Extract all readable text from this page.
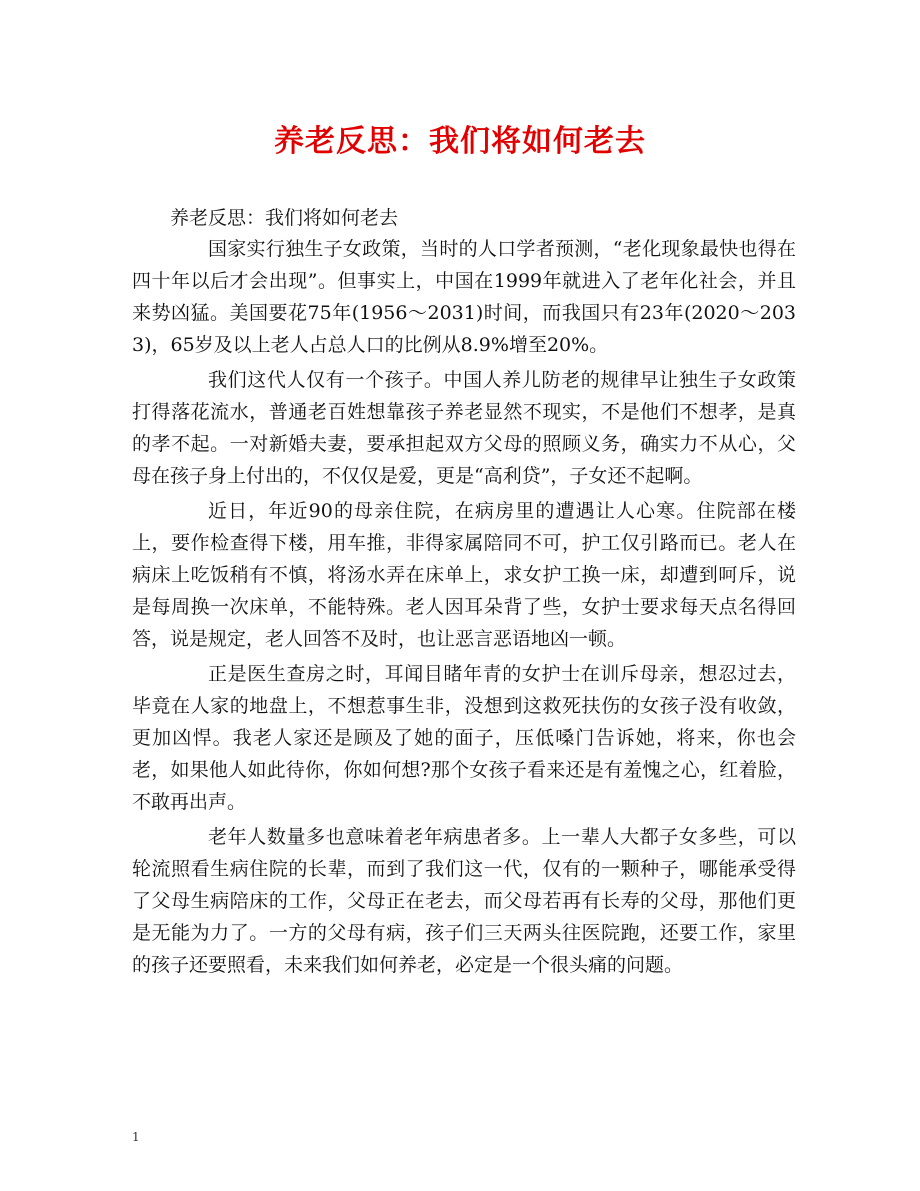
养老反思：我们将如何老去

养老反思：我们将如何老去

国家实行独生子女政策，当时的人口学者预测，“老化现象最快也得在四十年以后才会出现”。但事实上，中国在1999年就进入了老年化社会，并且来势凶猛。美国要花75年(1956～2031)时间，而我国只有23年(2020～2033)，65岁及以上老人占总人口的比例从8.9%增至20%。

我们这代人仅有一个孩子。中国人养儿防老的规律早让独生子女政策打得落花流水，普通老百姓想靠孩子养老显然不现实，不是他们不想孝，是真的孝不起。一对新婚夫妻，要承担起双方父母的照顾义务，确实力不从心，父母在孩子身上付出的，不仅仅是爱，更是“高利贷”，子女还不起啊。

近日，年近90的母亲住院，在病房里的遭遇让人心寒。住院部在楼上，要作检查得下楼，用车推，非得家属陪同不可，护工仅引路而已。老人在病床上吃饭稍有不慎，将汤水弄在床单上，求女护工换一床，却遭到呵斥，说是每周换一次床单，不能特殊。老人因耳朵背了些，女护士要求每天点名得回答，说是规定，老人回答不及时，也让恶言恶语地凶一顿。

正是医生查房之时，耳闻目睹年青的女护士在训斥母亲，想忍过去，毕竟在人家的地盘上，不想惹事生非，没想到这救死扶伤的女孩子没有收敛，更加凶悍。我老人家还是顾及了她的面子，压低嗓门告诉她，将来，你也会老，如果他人如此待你，你如何想?那个女孩子看来还是有羞愧之心，红着脸，不敢再出声。

老年人数量多也意味着老年病患者多。上一辈人大都子女多些，可以轮流照看生病住院的长辈，而到了我们这一代，仅有的一颗种子，哪能承受得了父母生病陪床的工作，父母正在老去，而父母若再有长寿的父母，那他们更是无能为力了。一方的父母有病，孩子们三天两头往医院跑，还要工作，家里的孩子还要照看，未来我们如何养老，必定是一个很头痛的问题。

1
